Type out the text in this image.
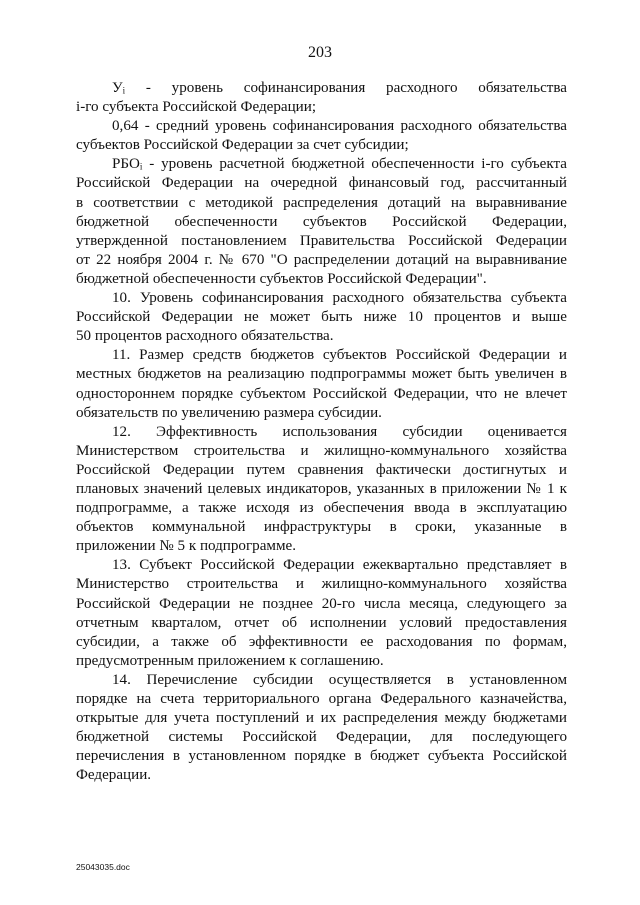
203
Уᵢ - уровень софинансирования расходного обязательства
i-го субъекта Российской Федерации;
0,64 - средний уровень софинансирования расходного обязательства
субъектов Российской Федерации за счет субсидии;
РБОᵢ - уровень расчетной бюджетной обеспеченности i-го субъекта
Российской Федерации на очередной финансовый год, рассчитанный
в соответствии с методикой распределения дотаций на выравнивание
бюджетной обеспеченности субъектов Российской Федерации,
утвержденной постановлением Правительства Российской Федерации
от 22 ноября 2004 г. № 670 "О распределении дотаций на выравнивание
бюджетной обеспеченности субъектов Российской Федерации".
10. Уровень софинансирования расходного обязательства субъекта
Российской Федерации не может быть ниже 10 процентов и выше
50 процентов расходного обязательства.
11. Размер средств бюджетов субъектов Российской Федерации и
местных бюджетов на реализацию подпрограммы может быть увеличен в
одностороннем порядке субъектом Российской Федерации, что не влечет
обязательств по увеличению размера субсидии.
12. Эффективность использования субсидии оценивается
Министерством строительства и жилищно-коммунального хозяйства
Российской Федерации путем сравнения фактически достигнутых и
плановых значений целевых индикаторов, указанных в приложении № 1 к
подпрограмме, а также исходя из обеспечения ввода в эксплуатацию
объектов коммунальной инфраструктуры в сроки, указанные в
приложении № 5 к подпрограмме.
13. Субъект Российской Федерации ежеквартально представляет в
Министерство строительства и жилищно-коммунального хозяйства
Российской Федерации не позднее 20-го числа месяца, следующего за
отчетным кварталом, отчет об исполнении условий предоставления
субсидии, а также об эффективности ее расходования по формам,
предусмотренным приложением к соглашению.
14. Перечисление субсидии осуществляется в установленном
порядке на счета территориального органа Федерального казначейства,
открытые для учета поступлений и их распределения между бюджетами
бюджетной системы Российской Федерации, для последующего
перечисления в установленном порядке в бюджет субъекта Российской
Федерации.
25043035.doc
